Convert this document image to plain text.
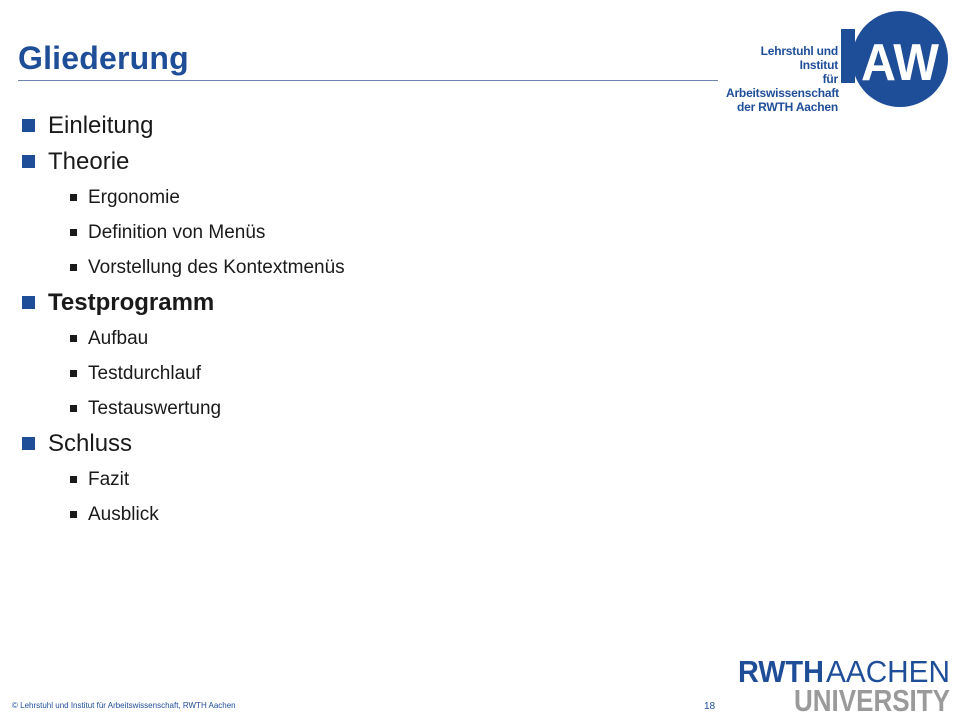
Gliederung	Lehrstuhl und Institut
für Arbeitswissenschaft
der RWTH Aachen
AW
Einleitung
Theorie
Ergonomie
Definition von Menüs
Vorstellung des Kontextmenüs
Testprogramm
Aufbau
Testdurchlauf
Testauswertung
Schluss
Fazit
Ausblick
© Lehrstuhl und Institut für Arbeitswissenschaft, RWTH Aachen	18
RWTH AACHEN
UNIVERSITY
